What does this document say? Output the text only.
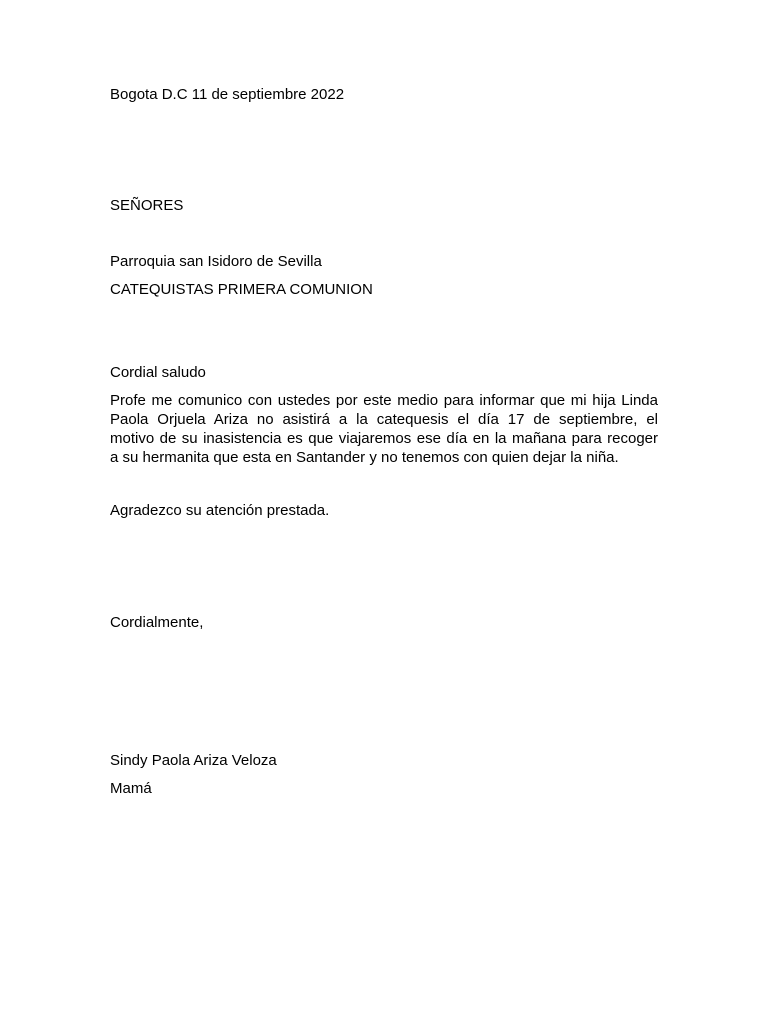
Bogota D.C 11 de septiembre 2022
SEÑORES
Parroquia san Isidoro de Sevilla
CATEQUISTAS PRIMERA COMUNION
Cordial saludo
Profe me comunico con ustedes por este medio para informar que mi hija Linda
Paola Orjuela Ariza no asistirá a la catequesis el día 17 de septiembre, el
motivo de su inasistencia es que viajaremos ese día en la mañana para recoger
a su hermanita que esta en Santander y no tenemos con quien dejar la niña.
Agradezco su atención prestada.
Cordialmente,
Sindy Paola Ariza Veloza
Mamá
